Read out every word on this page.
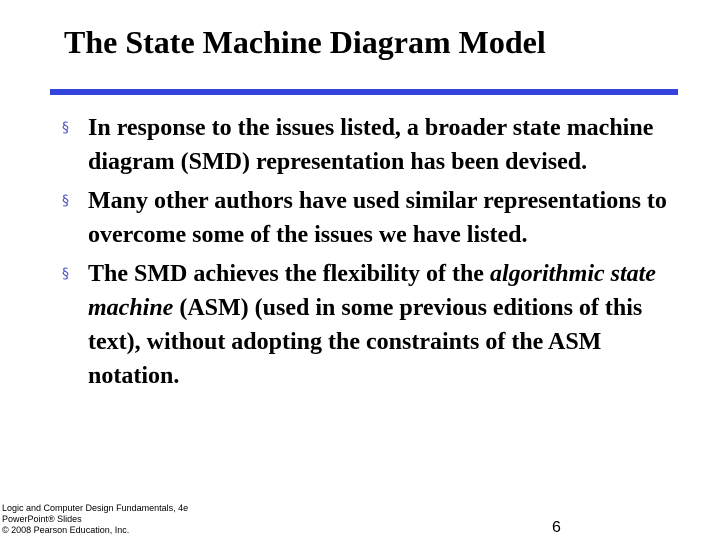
The State Machine Diagram Model
§
In response to the issues listed, a broader state machine diagram (SMD) representation has been devised.
§
Many other authors have used similar representations to overcome some of the issues we have listed.
§
The SMD achieves the flexibility of the algorithmic state machine (ASM) (used in some previous editions of this text), without adopting the constraints of the ASM notation.
Logic and Computer Design Fundamentals, 4e
PowerPoint® Slides
© 2008 Pearson Education, Inc.	6
